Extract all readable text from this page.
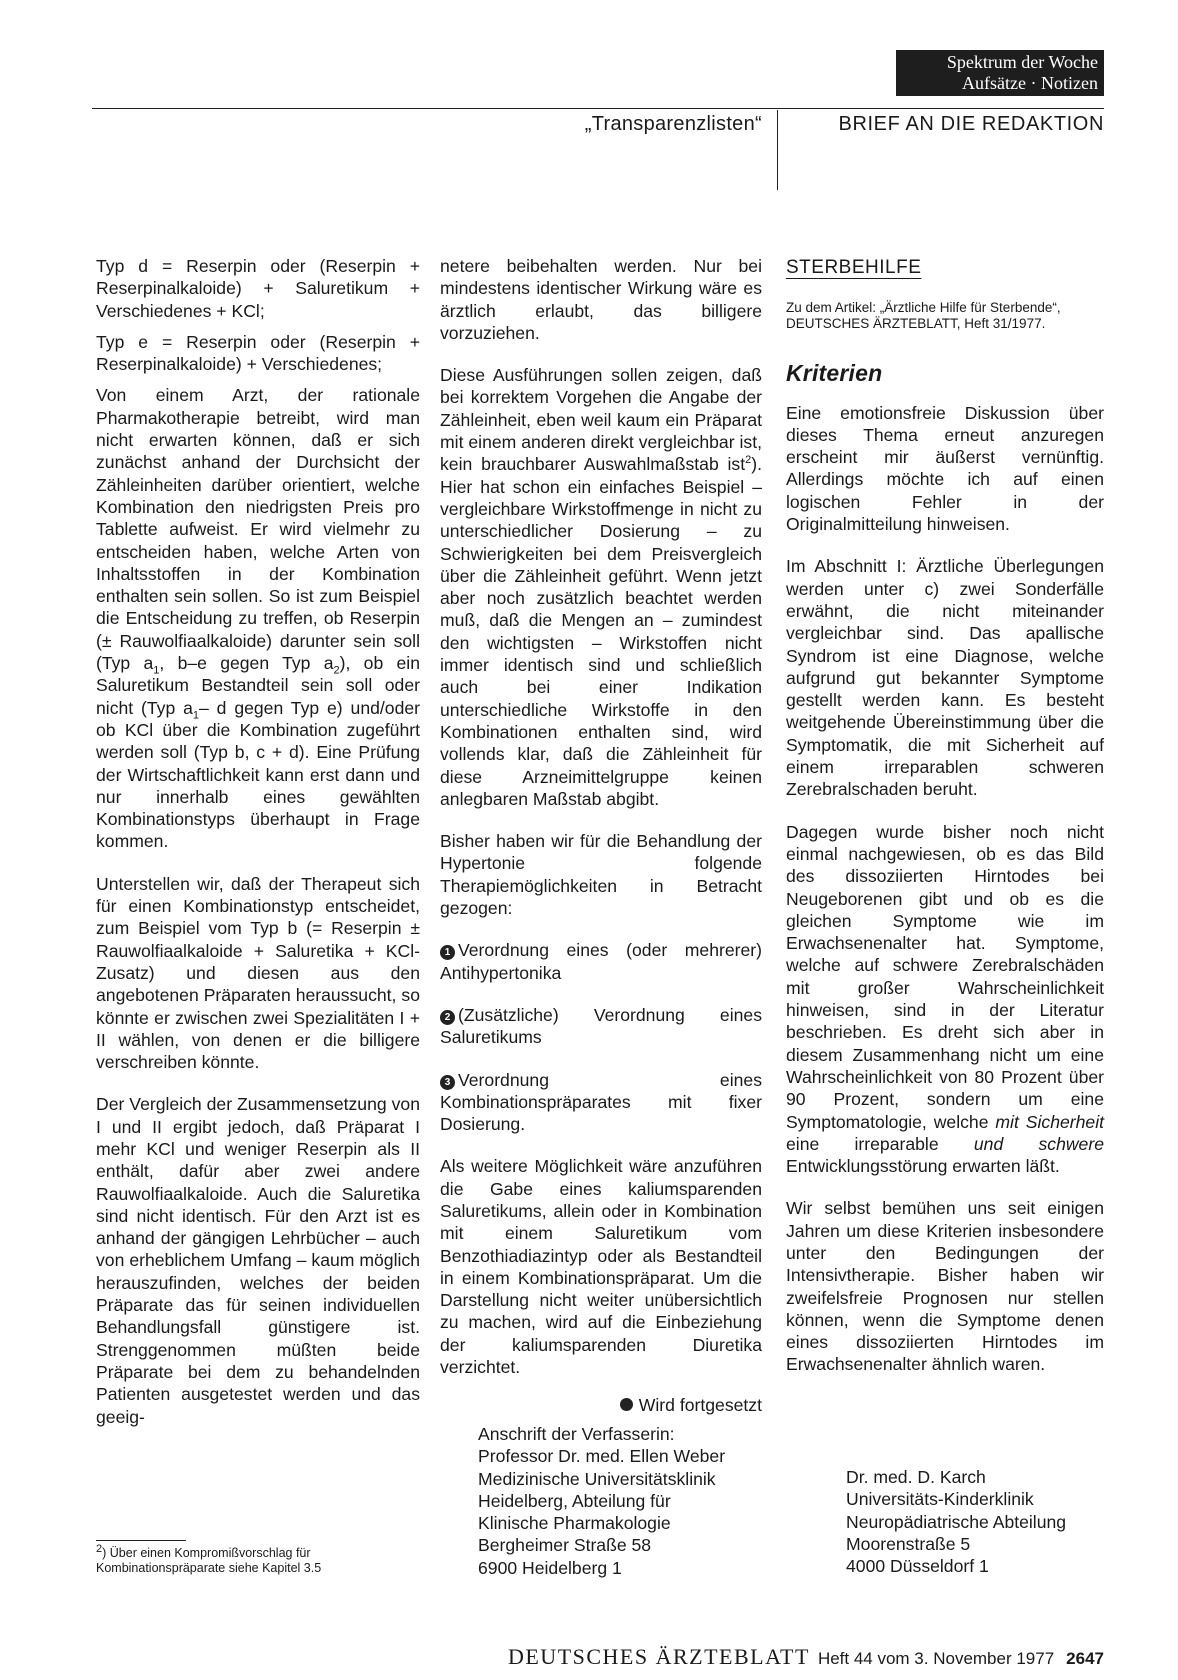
Spektrum der Woche
Aufsätze · Notizen
„Transparenzlisten“	BRIEF AN DIE REDAKTION

Typ d = Reserpin oder (Reserpin + Reserpinalkaloide) + Saluretikum + Verschiedenes + KCl;

Typ e = Reserpin oder (Reserpin + Reserpinalkaloide) + Verschiedenes;

Von einem Arzt, der rationale Pharmakotherapie betreibt, wird man nicht erwarten können, daß er sich zunächst anhand der Durchsicht der Zähleinheiten darüber orientiert, welche Kombination den niedrigsten Preis pro Tablette aufweist. Er wird vielmehr zu entscheiden haben, welche Arten von Inhaltsstoffen in der Kombination enthalten sein sollen. So ist zum Beispiel die Entscheidung zu treffen, ob Reserpin (± Rauwolfiaalkaloide) darunter sein soll (Typ $a_1$, b–e gegen Typ $a_2$), ob ein Saluretikum Bestandteil sein soll oder nicht (Typ $a_1-$ d gegen Typ e) und/oder ob KCl über die Kombination zugeführt werden soll (Typ b, c + d). Eine Prüfung der Wirtschaftlichkeit kann erst dann und nur innerhalb eines gewählten Kombinationstyps überhaupt in Frage kommen.

Unterstellen wir, daß der Therapeut sich für einen Kombinationstyp entscheidet, zum Beispiel vom Typ b (= Reserpin ± Rauwolfiaalkaloide + Saluretika + KCl-Zusatz) und diesen aus den angebotenen Präparaten heraussucht, so könnte er zwischen zwei Spezialitäten I + II wählen, von denen er die billigere verschreiben könnte.

Der Vergleich der Zusammensetzung von I und II ergibt jedoch, daß Präparat I mehr KCl und weniger Reserpin als II enthält, dafür aber zwei andere Rauwolfiaalkaloide. Auch die Saluretika sind nicht identisch. Für den Arzt ist es anhand der gängigen Lehrbücher – auch von erheblichem Umfang – kaum möglich herauszufinden, welches der beiden Präparate das für seinen individuellen Behandlungsfall günstigere ist. Strenggenommen müßten beide Präparate bei dem zu behandelnden Patienten ausgetestet werden und das geeig-

netere beibehalten werden. Nur bei mindestens identischer Wirkung wäre es ärztlich erlaubt, das billigere vorzuziehen.

Diese Ausführungen sollen zeigen, daß bei korrektem Vorgehen die Angabe der Zähleinheit, eben weil kaum ein Präparat mit einem anderen direkt vergleichbar ist, kein brauchbarer Auswahlmaßstab ist$^2$). Hier hat schon ein einfaches Beispiel – vergleichbare Wirkstoffmenge in nicht zu unterschiedlicher Dosierung – zu Schwierigkeiten bei dem Preisvergleich über die Zähleinheit geführt. Wenn jetzt aber noch zusätzlich beachtet werden muß, daß die Mengen an – zumindest den wichtigsten – Wirkstoffen nicht immer identisch sind und schließlich auch bei einer Indikation unterschiedliche Wirkstoffe in den Kombinationen enthalten sind, wird vollends klar, daß die Zähleinheit für diese Arzneimittelgruppe keinen anlegbaren Maßstab abgibt.

Bisher haben wir für die Behandlung der Hypertonie folgende Therapiemöglichkeiten in Betracht gezogen:

1 Verordnung eines (oder mehrerer) Antihypertonika

2 (Zusätzliche) Verordnung eines Saluretikums

3 Verordnung eines Kombinationspräparates mit fixer Dosierung.

Als weitere Möglichkeit wäre anzuführen die Gabe eines kaliumsparenden Saluretikums, allein oder in Kombination mit einem Saluretikum vom Benzothiadiazintyp oder als Bestandteil in einem Kombinationspräparat. Um die Darstellung nicht weiter unübersichtlich zu machen, wird auf die Einbeziehung der kaliumsparenden Diuretika verzichtet.

Wird fortgesetzt

Anschrift der Verfasserin:
Professor Dr. med. Ellen Weber
Medizinische Universitätsklinik
Heidelberg, Abteilung für
Klinische Pharmakologie
Bergheimer Straße 58
6900 Heidelberg 1
STERBEHILFE

Zu dem Artikel: „Ärztliche Hilfe für Sterbende“, DEUTSCHES ÄRZTEBLATT, Heft 31/1977.

Kriterien

Eine emotionsfreie Diskussion über dieses Thema erneut anzuregen erscheint mir äußerst vernünftig. Allerdings möchte ich auf einen logischen Fehler in der Originalmitteilung hinweisen.

Im Abschnitt I: Ärztliche Überlegungen werden unter c) zwei Sonderfälle erwähnt, die nicht miteinander vergleichbar sind. Das apallische Syndrom ist eine Diagnose, welche aufgrund gut bekannter Symptome gestellt werden kann. Es besteht weitgehende Übereinstimmung über die Symptomatik, die mit Sicherheit auf einem irreparablen schweren Zerebralschaden beruht.

Dagegen wurde bisher noch nicht einmal nachgewiesen, ob es das Bild des dissoziierten Hirntodes bei Neugeborenen gibt und ob es die gleichen Symptome wie im Erwachsenenalter hat. Symptome, welche auf schwere Zerebralschäden mit großer Wahrscheinlichkeit hinweisen, sind in der Literatur beschrieben. Es dreht sich aber in diesem Zusammenhang nicht um eine Wahrscheinlichkeit von 80 Prozent über 90 Prozent, sondern um eine Symptomatologie, welche mit Sicherheit eine irreparable und schwere Entwicklungsstörung erwarten läßt.

Wir selbst bemühen uns seit einigen Jahren um diese Kriterien insbesondere unter den Bedingungen der Intensivtherapie. Bisher haben wir zweifelsfreie Prognosen nur stellen können, wenn die Symptome denen eines dissoziierten Hirntodes im Erwachsenenalter ähnlich waren.

Dr. med. D. Karch
Universitäts-Kinderklinik
Neuropädiatrische Abteilung
Moorenstraße 5
4000 Düsseldorf 1
$^2$) Über einen Kompromißvorschlag für Kombinationspräparate siehe Kapitel 3.5
DEUTSCHES ÄRZTEBLATT Heft 44 vom 3. November 1977 2647
